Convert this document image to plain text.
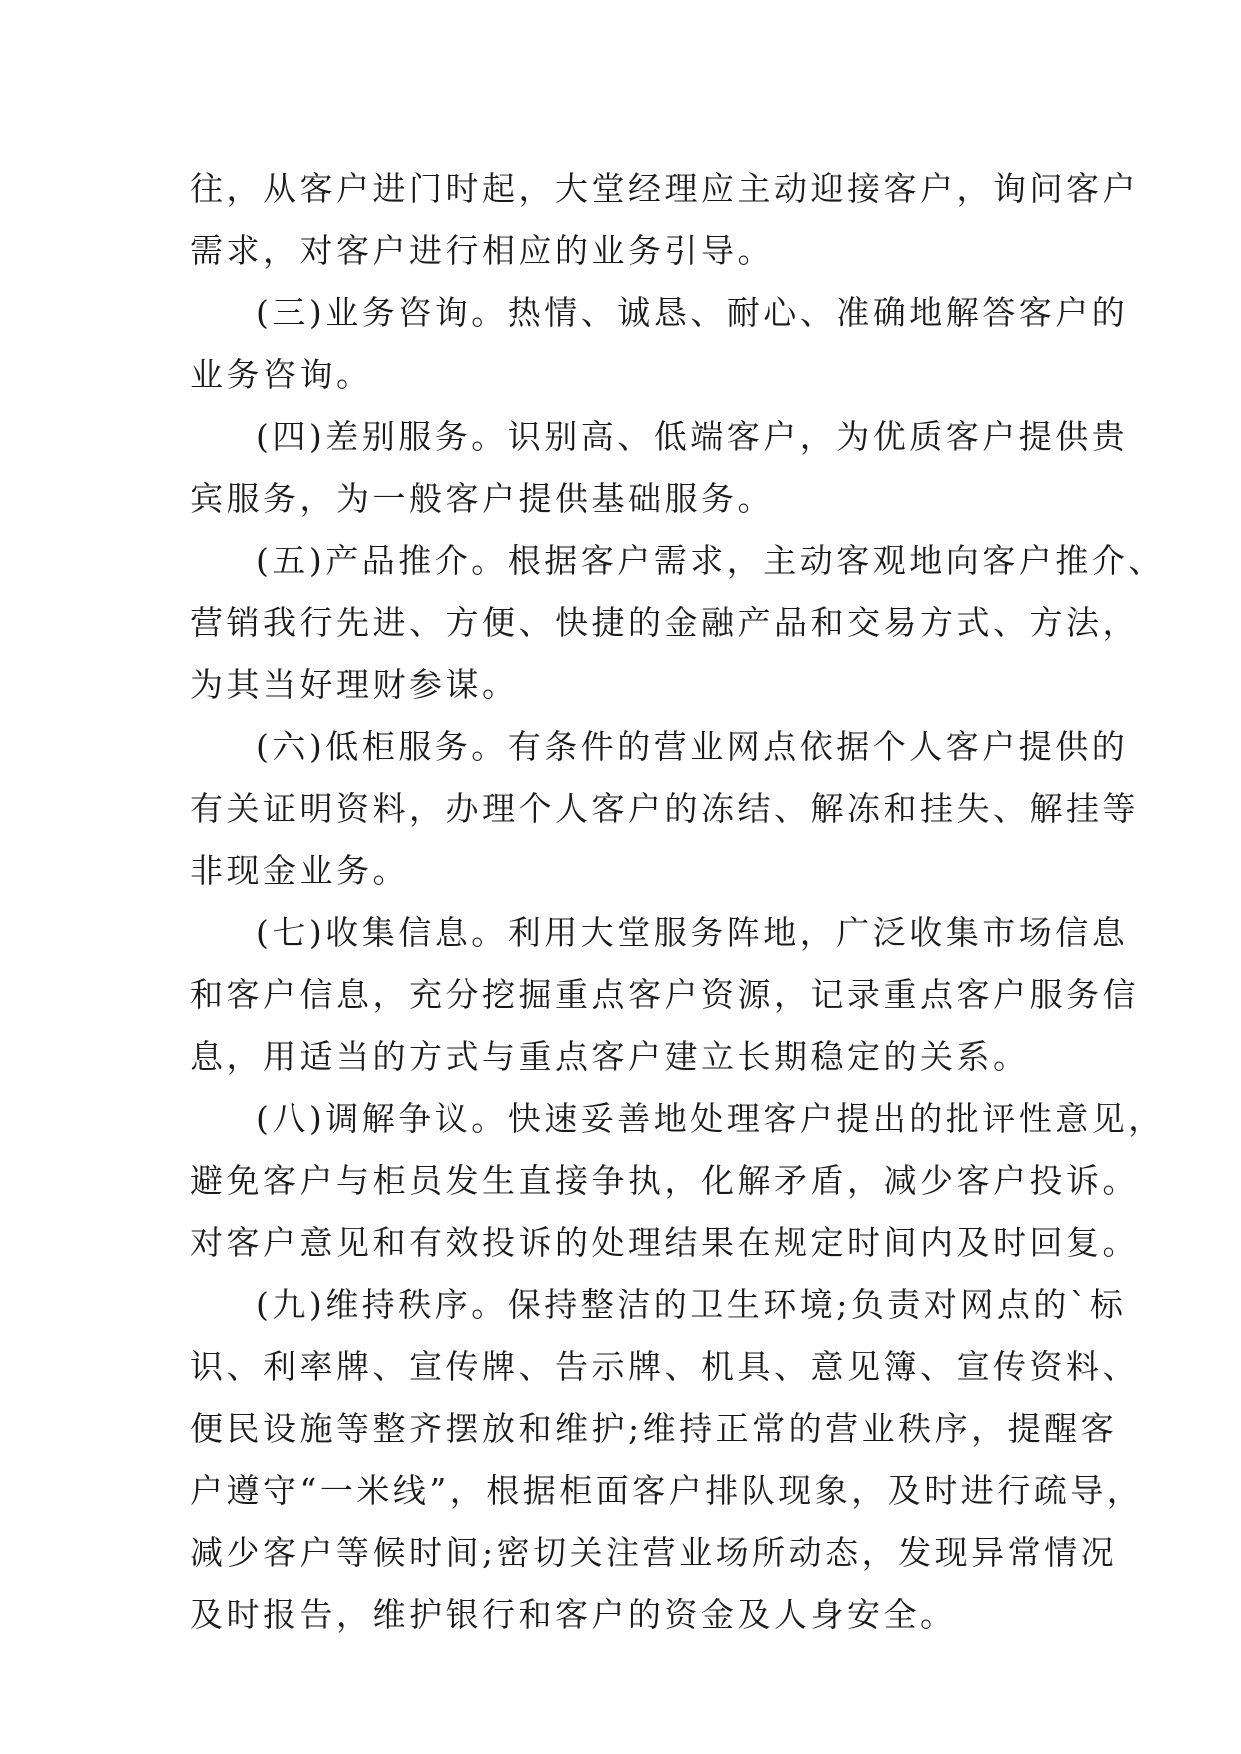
往，从客户进门时起，大堂经理应主动迎接客户，询问客户
需求，对客户进行相应的业务引导。
(三)业务咨询。热情、诚恳、耐心、准确地解答客户的
业务咨询。
(四)差别服务。识别高、低端客户，为优质客户提供贵
宾服务，为一般客户提供基础服务。
(五)产品推介。根据客户需求，主动客观地向客户推介、
营销我行先进、方便、快捷的金融产品和交易方式、方法，
为其当好理财参谋。
(六)低柜服务。有条件的营业网点依据个人客户提供的
有关证明资料，办理个人客户的冻结、解冻和挂失、解挂等
非现金业务。
(七)收集信息。利用大堂服务阵地，广泛收集市场信息
和客户信息，充分挖掘重点客户资源，记录重点客户服务信
息，用适当的方式与重点客户建立长期稳定的关系。
(八)调解争议。快速妥善地处理客户提出的批评性意见，
避免客户与柜员发生直接争执，化解矛盾，减少客户投诉。
对客户意见和有效投诉的处理结果在规定时间内及时回复。
(九)维持秩序。保持整洁的卫生环境;负责对网点的`标
识、利率牌、宣传牌、告示牌、机具、意见簿、宣传资料、
便民设施等整齐摆放和维护;维持正常的营业秩序，提醒客
户遵守“一米线”，根据柜面客户排队现象，及时进行疏导，
减少客户等候时间;密切关注营业场所动态，发现异常情况
及时报告，维护银行和客户的资金及人身安全。
